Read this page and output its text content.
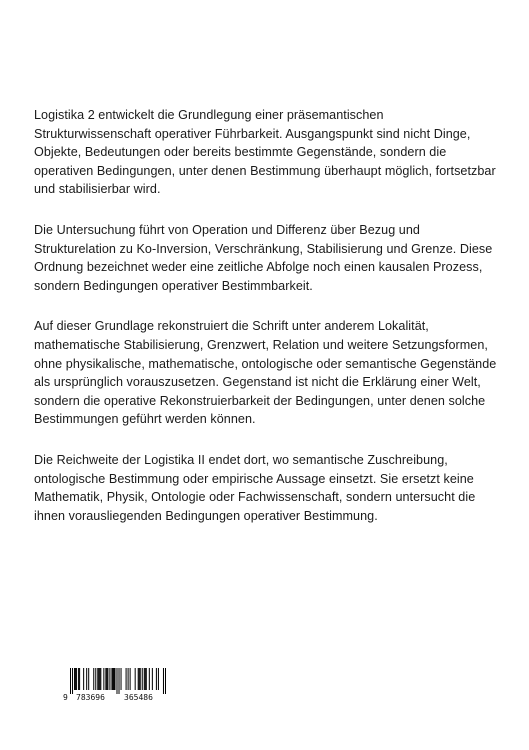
Logistika 2 entwickelt die Grundlegung einer präsemantischen Strukturwissenschaft operativer Führbarkeit. Ausgangspunkt sind nicht Dinge, Objekte, Bedeutungen oder bereits bestimmte Gegenstände, sondern die operativen Bedingungen, unter denen Bestimmung überhaupt möglich, fortsetzbar und stabilisierbar wird.

Die Untersuchung führt von Operation und Differenz über Bezug und Strukturelation zu Ko-Inversion, Verschränkung, Stabilisierung und Grenze. Diese Ordnung bezeichnet weder eine zeitliche Abfolge noch einen kausalen Prozess, sondern Bedingungen operativer Bestimmbarkeit.

Auf dieser Grundlage rekonstruiert die Schrift unter anderem Lokalität, mathematische Stabilisierung, Grenzwert, Relation und weitere Setzungsformen, ohne physikalische, mathematische, ontologische oder semantische Gegenstände als ursprünglich vorauszusetzen. Gegenstand ist nicht die Erklärung einer Welt, sondern die operative Rekonstruierbarkeit der Bedingungen, unter denen solche Bestimmungen geführt werden können.

Die Reichweite der Logistika II endet dort, wo semantische Zuschreibung, ontologische Bestimmung oder empirische Aussage einsetzt. Sie ersetzt keine Mathematik, Physik, Ontologie oder Fachwissenschaft, sondern untersucht die ihnen vorausliegenden Bedingungen operativer Bestimmung.

9 783696 365486
